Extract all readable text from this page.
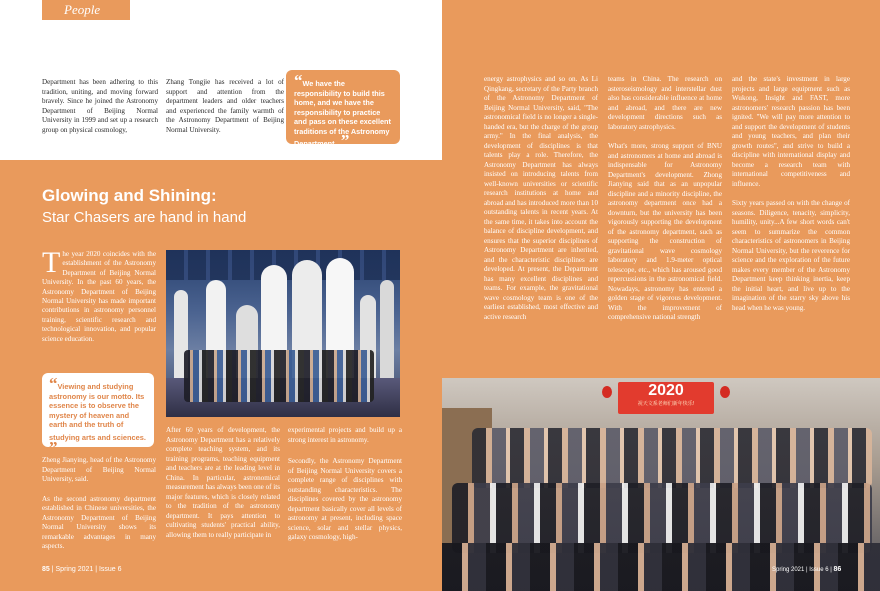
People

Department has been adhering to this tradition, uniting, and moving forward bravely. Since he joined the Astronomy Department of Beijing Normal University in 1999 and set up a research group on physical cosmology,

Zhang Tongjie has received a lot of support and attention from the department leaders and older teachers and experienced the family warmth of the Astronomy Department of Beijing Normal University.

“We have the responsibility to build this home, and we have the responsibility to practice and pass on these excellent traditions of the Astronomy Department. ”
Glowing and Shining:
Star Chasers are hand in hand
The year 2020 coincides with the establishment of the Astronomy Department of Beijing Normal University. In the past 60 years, the Astronomy Department of Beijing Normal University has made important contributions in astronomy personnel training, scientific research and technological innovation, and popular science education.
“Viewing and studying astronomy is our motto. Its essence is to observe the mystery of heaven and earth and the truth of studying arts and sciences. ”

Zheng Jianying, head of the Astronomy Department of Beijing Normal University, said.

As the second astronomy department established in Chinese universities, the Astronomy Department of Beijing Normal University shows its remarkable advantages in many aspects.

After 60 years of development, the Astronomy Department has a relatively complete teaching system, and its training programs, teaching equipment and teachers are at the leading level in China. In particular, astronomical measurement has always been one of its major features, which is closely related to the tradition of the astronomy department. It pays attention to cultivating students' practical ability, allowing them to really participate in

experimental projects and build up a strong interest in astronomy.

Secondly, the Astronomy Department of Beijing Normal University covers a complete range of disciplines with outstanding characteristics. The disciplines covered by the astronomy department basically cover all levels of astronomy at present, including space science, solar and stellar physics, galaxy cosmology, high-

energy astrophysics and so on. As Li Qingkang, secretary of the Party branch of the Astronomy Department of Beijing Normal University, said, "The astronomical field is no longer a single-handed era, but the charge of the group army." In the final analysis, the development of disciplines is that talents play a role. Therefore, the Astronomy Department has always insisted on introducing talents from well-known universities or scientific research institutions at home and abroad and has introduced more than 10 outstanding talents in recent years. At the same time, it takes into account the balance of discipline development, and ensures that the superior disciplines of Astronomy Department are inherited, and the characteristic disciplines are developed. At present, the Department has many excellent disciplines and teams. For example, the gravitational wave cosmology team is one of the earliest established, most effective and active research

teams in China. The research on asteroseismology and interstellar dust also has considerable influence at home and abroad, and there are new development directions such as laboratory astrophysics.

What's more, strong support of BNU and astronomers at home and abroad is indispensable for Astronomy Department's development. Zhong Jianying said that as an unpopular discipline and a minority discipline, the astronomy department once had a downturn, but the university has been vigorously supporting the development of the astronomy department, such as supporting the construction of gravitational wave cosmology laboratory and 1.9-meter optical telescope, etc., which has aroused good repercussions in the astronomical field. Nowadays, astronomy has entered a golden stage of vigorous development. With the improvement of comprehensive national strength

and the state's investment in large projects and large equipment such as Wukong, Insight and FAST, more astronomers' research passion has been ignited. "We will pay more attention to and support the development of students and young teachers, and plan their growth routes", and strive to build a discipline with international display and become a research team with international competitiveness and influence.

Sixty years passed on with the change of seasons. Diligence, tenacity, simplicity, humility, unity...A few short words can't seem to summarize the common characteristics of astronomers in Beijing Normal University, but the reverence for science and the exploration of the future makes every member of the Astronomy Department keep thinking inertia, keep the initial heart, and live up to the imagination of the starry sky above his head when he was young.

2020
祝天文系老师们新年快乐!
85 | Spring 2021 | Issue 6	Spring 2021 | Issue 6 | 86
